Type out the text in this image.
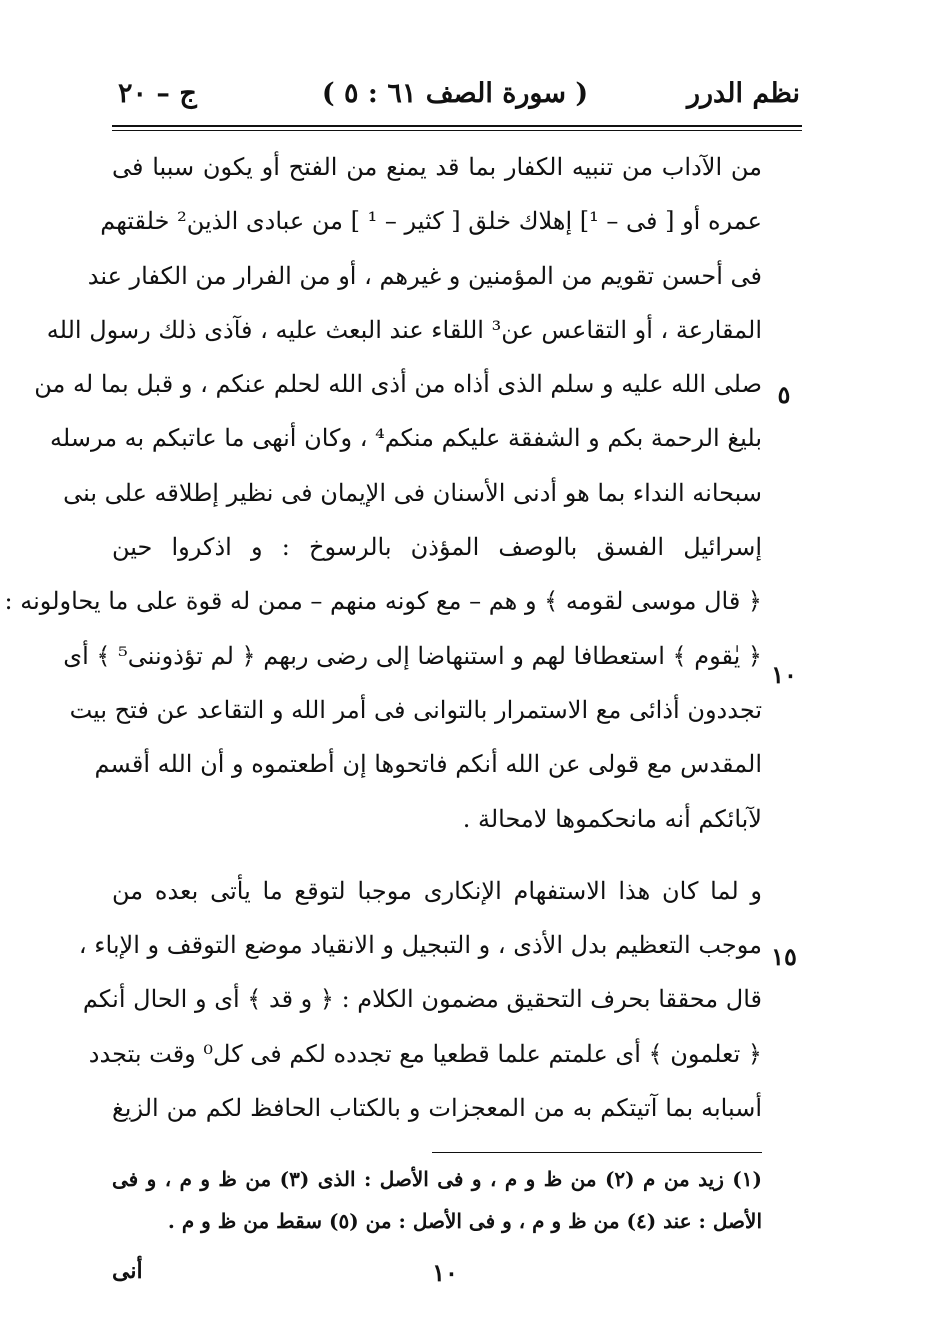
نظم الدرر
( سورة الصف ٦١ : ٥ )
ج – ٢٠
من الآداب من تنبيه الكفار بما قد يمنع من الفتح أو يكون سببا فى
عمره أو [ فى – ¹] إهلاك خلق [ كثير – ¹ ] من عبادى الذين² خلقتهم
فى أحسن تقويم من المؤمنين و غيرهم ، أو من الفرار من الكفار عند
المقارعة ، أو التقاعس عن³ اللقاء عند البعث عليه ، فآذى ذلك رسول الله
صلى الله عليه و سلم الذى أذاه من أذى الله لحلم عنكم ، و قبل بما له من
بليغ الرحمة بكم و الشفقة عليكم منكم⁴ ، وكان أنهى ما عاتبكم به مرسله
سبحانه النداء بما هو أدنى الأسنان فى الإيمان فى نظير إطلاقه على بنى
إسرائيل الفسق بالوصف المؤذن بالرسوخ : و اذكروا حين
﴿ قال موسى لقومه ﴾ و هم – مع كونه منهم – ممن له قوة على ما يحاولونه :
﴿ يٰقوم ﴾ استعطافا لهم و استنهاضا إلى رضى ربهم ﴿ لم تؤذوننى⁵ ﴾ أى
تجددون أذائى مع الاستمرار بالتوانى فى أمر الله و التقاعد عن فتح بيت
المقدس مع قولى عن الله أنكم فاتحوها إن أطعتموه و أن الله أقسم
لآبائكم أنه مانحكموها لامحالة .
و لما كان هذا الاستفهام الإنكارى موجبا لتوقع ما يأتى بعده من
موجب التعظيم بدل الأذى ، و التبجيل و الانقياد موضع التوقف و الإباء ،
قال محققا بحرف التحقيق مضمون الكلام : ﴿ و قد ﴾ أى و الحال أنكم
﴿ تعلمون ﴾ أى علمتم علما قطعيا مع تجدده لكم فى كل⁰ وقت بتجدد
أسبابه بما آتيتكم به من المعجزات و بالكتاب الحافظ لكم من الزيغ
٥
١٠
١٥
(١) زيد من م (٢) من ظ و م ، و فى الأصل : الذى (٣) من ظ و م ، و فى
الأصل : عند (٤) من ظ و م ، و فى الأصل : من (٥) سقط من ظ و م .
١٠
أنى
